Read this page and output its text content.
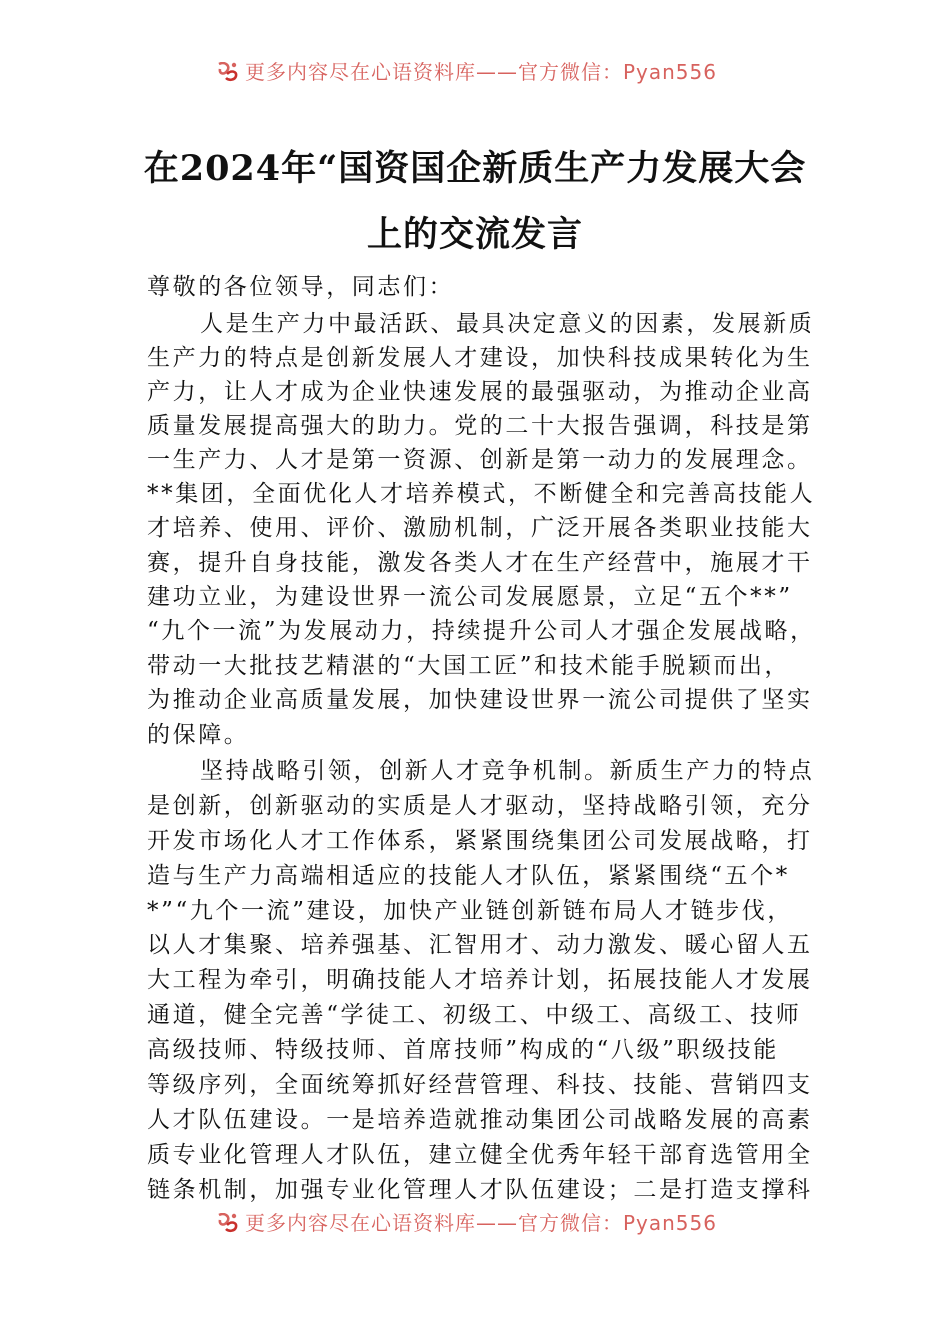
更多内容尽在心语资料库——官方微信：Pyan556
在2024年“国资国企新质生产力发展大会
上的交流发言
尊敬的各位领导，同志们：
人是生产力中最活跃、最具决定意义的因素，发展新质
生产力的特点是创新发展人才建设，加快科技成果转化为生
产力，让人才成为企业快速发展的最强驱动，为推动企业高
质量发展提高强大的助力。党的二十大报告强调，科技是第
一生产力、人才是第一资源、创新是第一动力的发展理念。
**集团，全面优化人才培养模式，不断健全和完善高技能人
才培养、使用、评价、激励机制，广泛开展各类职业技能大
赛，提升自身技能，激发各类人才在生产经营中，施展才干
建功立业，为建设世界一流公司发展愿景，立足“五个**”
“九个一流”为发展动力，持续提升公司人才强企发展战略，
带动一大批技艺精湛的“大国工匠”和技术能手脱颖而出，
为推动企业高质量发展，加快建设世界一流公司提供了坚实
的保障。
坚持战略引领，创新人才竞争机制。新质生产力的特点
是创新，创新驱动的实质是人才驱动，坚持战略引领，充分
开发市场化人才工作体系，紧紧围绕集团公司发展战略，打
造与生产力高端相适应的技能人才队伍，紧紧围绕“五个*
*”“九个一流”建设，加快产业链创新链布局人才链步伐，
以人才集聚、培养强基、汇智用才、动力激发、暖心留人五
大工程为牵引，明确技能人才培养计划，拓展技能人才发展
通道，健全完善“学徒工、初级工、中级工、高级工、技师
高级技师、特级技师、首席技师”构成的“八级”职级技能
等级序列，全面统筹抓好经营管理、科技、技能、营销四支
人才队伍建设。一是培养造就推动集团公司战略发展的高素
质专业化管理人才队伍，建立健全优秀年轻干部育选管用全
链条机制，加强专业化管理人才队伍建设；二是打造支撑科
更多内容尽在心语资料库——官方微信：Pyan556
